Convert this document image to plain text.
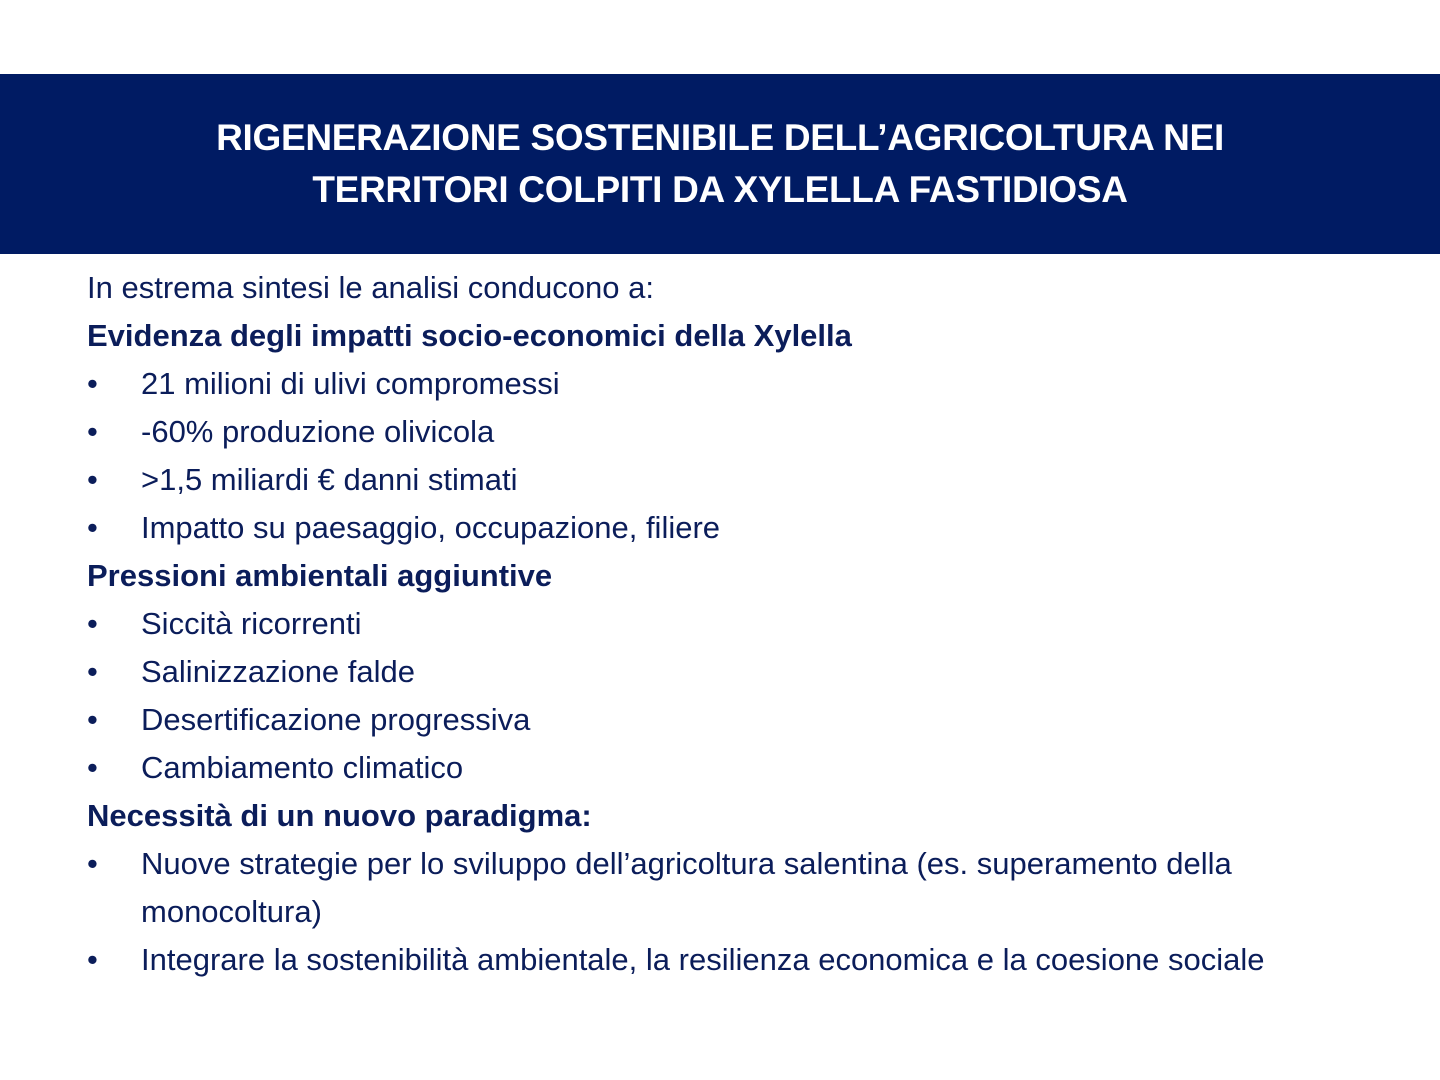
RIGENERAZIONE SOSTENIBILE DELL’AGRICOLTURA NEI
TERRITORI COLPITI DA XYLELLA FASTIDIOSA

In estrema sintesi le analisi conducono a:

Evidenza degli impatti socio-economici della Xylella

• 21 milioni di ulivi compromessi
• -60% produzione olivicola
• >1,5 miliardi € danni stimati
• Impatto su paesaggio, occupazione, filiere

Pressioni ambientali aggiuntive

• Siccità ricorrenti
• Salinizzazione falde
• Desertificazione progressiva
• Cambiamento climatico

Necessità di un nuovo paradigma:

• Nuove strategie per lo sviluppo dell’agricoltura salentina (es. superamento della monocoltura)
• Integrare la sostenibilità ambientale, la resilienza economica e la coesione sociale
